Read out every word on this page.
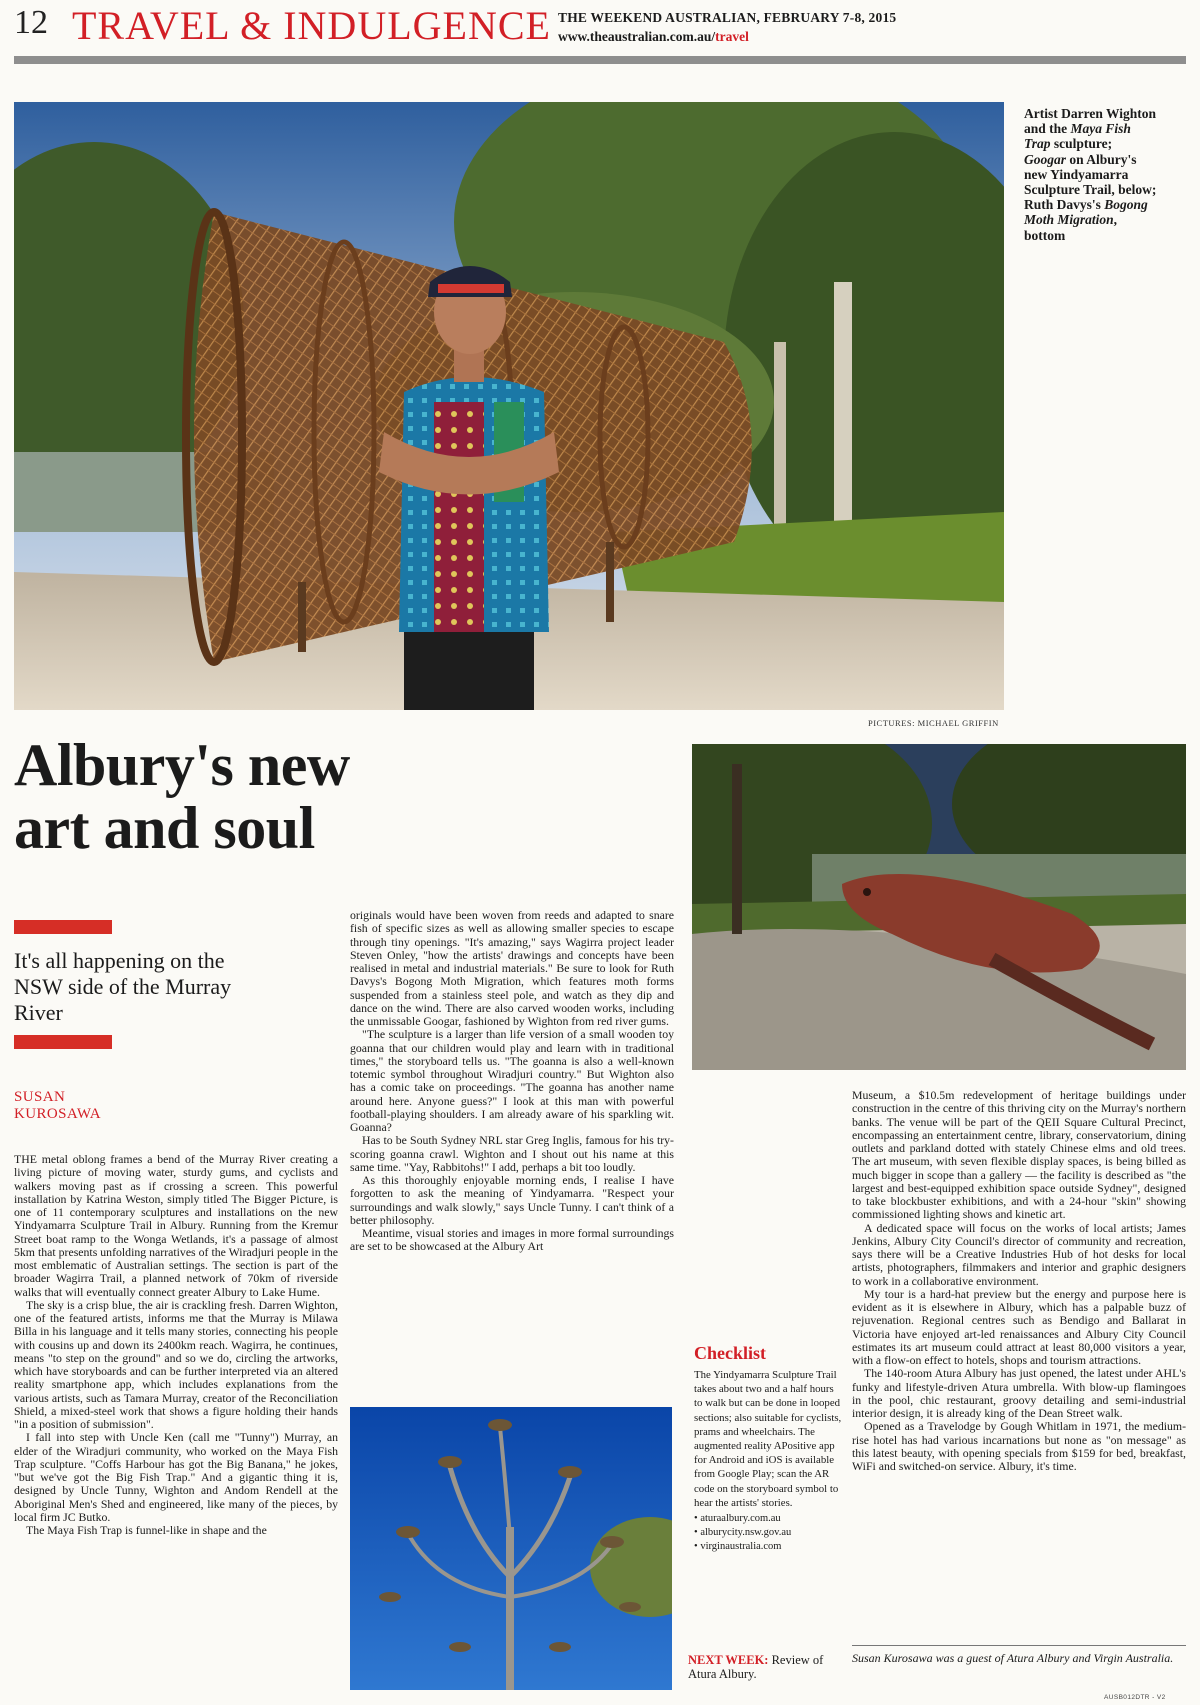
12 TRAVEL & INDULGENCE THE WEEKEND AUSTRALIAN, FEBRUARY 7-8, 2015
www.theaustralian.com.au/travel
Artist Darren Wighton
and the Maya Fish
Trap sculpture;
Googar on Albury's
new Yindyamarra
Sculpture Trail, below;
Ruth Davys's Bogong
Moth Migration,
bottom
PICTURES: MICHAEL GRIFFIN
Albury's new
art and soul
It's all happening on the NSW side of the Murray River
SUSAN
KUROSAWA

THE metal oblong frames a bend of the Murray River creating a living picture of moving water, sturdy gums, and cyclists and walkers moving past as if crossing a screen. This powerful installation by Katrina Weston, simply titled The Bigger Picture, is one of 11 contemporary sculptures and installations on the new Yindyamarra Sculpture Trail in Albury. Running from the Kremur Street boat ramp to the Wonga Wetlands, it's a passage of almost 5km that presents unfolding narratives of the Wiradjuri people in the most emblematic of Australian settings. The section is part of the broader Wagirra Trail, a planned network of 70km of riverside walks that will eventually connect greater Albury to Lake Hume.

The sky is a crisp blue, the air is crackling fresh. Darren Wighton, one of the featured artists, informs me that the Murray is Milawa Billa in his language and it tells many stories, connecting his people with cousins up and down its 2400km reach. Wagirra, he continues, means "to step on the ground" and so we do, circling the artworks, which have storyboards and can be further interpreted via an altered reality smartphone app, which includes explanations from the various artists, such as Tamara Murray, creator of the Reconciliation Shield, a mixed-steel work that shows a figure holding their hands "in a position of submission".

I fall into step with Uncle Ken (call me "Tunny") Murray, an elder of the Wiradjuri community, who worked on the Maya Fish Trap sculpture. "Coffs Harbour has got the Big Banana," he jokes, "but we've got the Big Fish Trap." And a gigantic thing it is, designed by Uncle Tunny, Wighton and Andom Rendell at the Aboriginal Men's Shed and engineered, like many of the pieces, by local firm JC Butko.

The Maya Fish Trap is funnel-like in shape and the

originals would have been woven from reeds and adapted to snare fish of specific sizes as well as allowing smaller species to escape through tiny openings. "It's amazing," says Wagirra project leader Steven Onley, "how the artists' drawings and concepts have been realised in metal and industrial materials." Be sure to look for Ruth Davys's Bogong Moth Migration, which features moth forms suspended from a stainless steel pole, and watch as they dip and dance on the wind. There are also carved wooden works, including the unmissable Googar, fashioned by Wighton from red river gums.

"The sculpture is a larger than life version of a small wooden toy goanna that our children would play and learn with in traditional times," the storyboard tells us. "The goanna is also a well-known totemic symbol throughout Wiradjuri country." But Wighton also has a comic take on proceedings. "The goanna has another name around here. Anyone guess?" I look at this man with powerful football-playing shoulders. I am already aware of his sparkling wit. Goanna?

Has to be South Sydney NRL star Greg Inglis, famous for his try-scoring goanna crawl. Wighton and I shout out his name at this same time. "Yay, Rabbitohs!" I add, perhaps a bit too loudly.

As this thoroughly enjoyable morning ends, I realise I have forgotten to ask the meaning of Yindyamarra. "Respect your surroundings and walk slowly," says Uncle Tunny. I can't think of a better philosophy.

Meantime, visual stories and images in more formal surroundings are set to be showcased at the Albury Art

Checklist
The Yindyamarra Sculpture Trail takes about two and a half hours to walk but can be done in looped sections; also suitable for cyclists, prams and wheelchairs. The augmented reality APositive app for Android and iOS is available from Google Play; scan the AR code on the storyboard symbol to hear the artists' stories.
• aturaalbury.com.au
• alburycity.nsw.gov.au
• virginaustralia.com
NEXT WEEK: Review of Atura Albury.

Museum, a $10.5m redevelopment of heritage buildings under construction in the centre of this thriving city on the Murray's northern banks. The venue will be part of the QEII Square Cultural Precinct, encompassing an entertainment centre, library, conservatorium, dining outlets and parkland dotted with stately Chinese elms and old trees. The art museum, with seven flexible display spaces, is being billed as much bigger in scope than a gallery — the facility is described as "the largest and best-equipped exhibition space outside Sydney", designed to take blockbuster exhibitions, and with a 24-hour "skin" showing commissioned lighting shows and kinetic art.

A dedicated space will focus on the works of local artists; James Jenkins, Albury City Council's director of community and recreation, says there will be a Creative Industries Hub of hot desks for local artists, photographers, filmmakers and interior and graphic designers to work in a collaborative environment.

My tour is a hard-hat preview but the energy and purpose here is evident as it is elsewhere in Albury, which has a palpable buzz of rejuvenation. Regional centres such as Bendigo and Ballarat in Victoria have enjoyed art-led renaissances and Albury City Council estimates its art museum could attract at least 80,000 visitors a year, with a flow-on effect to hotels, shops and tourism attractions.

The 140-room Atura Albury has just opened, the latest under AHL's funky and lifestyle-driven Atura umbrella. With blow-up flamingoes in the pool, chic restaurant, groovy detailing and semi-industrial interior design, it is already king of the Dean Street walk.

Opened as a Travelodge by Gough Whitlam in 1971, the medium-rise hotel has had various incarnations but none as "on message" as this latest beauty, with opening specials from $159 for bed, breakfast, WiFi and switched-on service. Albury, it's time.

Susan Kurosawa was a guest of Atura Albury and Virgin Australia.
AUSB012DTR - V2
